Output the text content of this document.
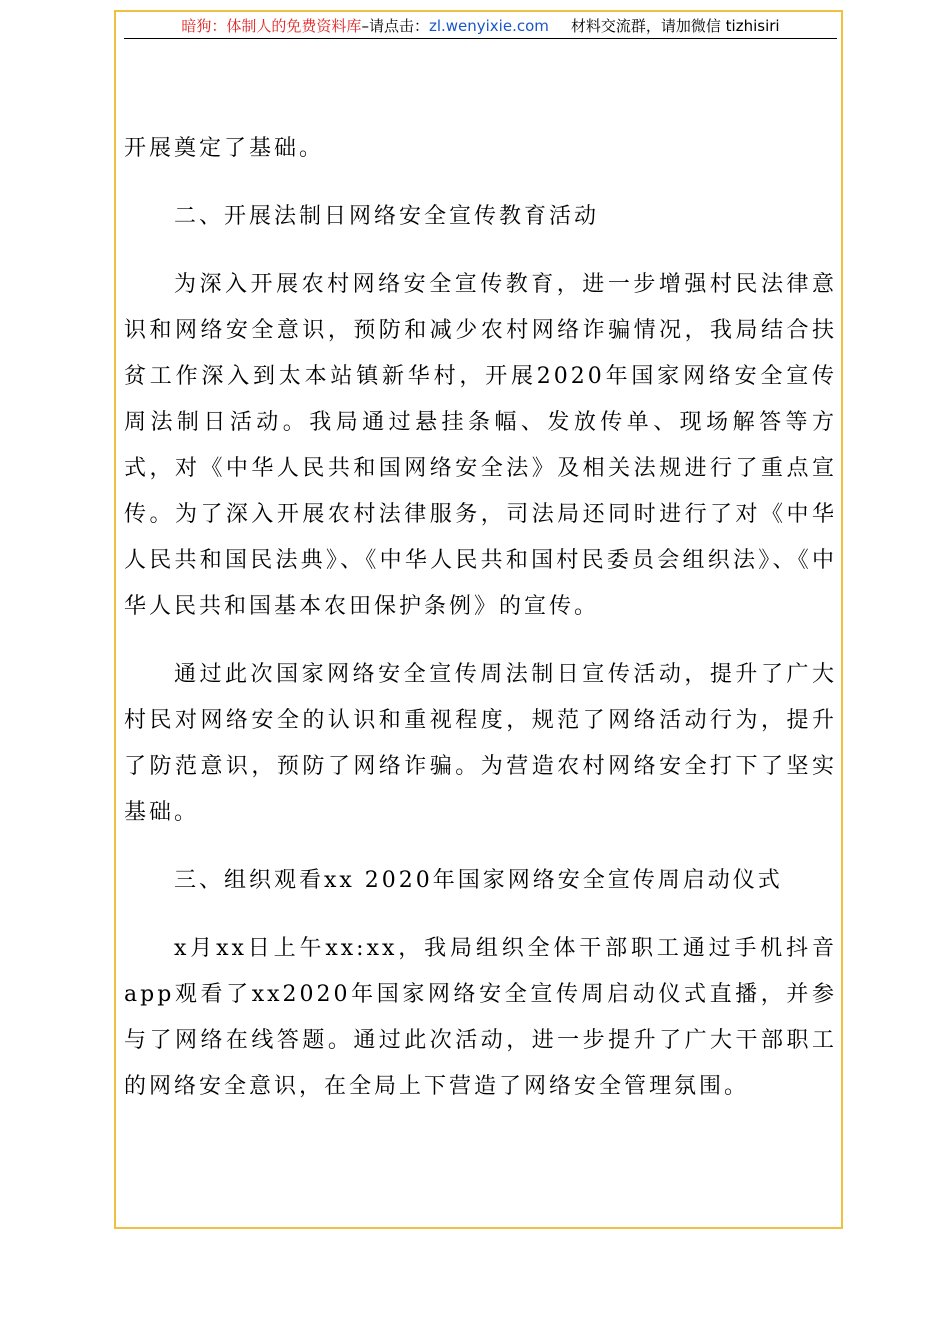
暗狗：体制人的免费资料库–请点击：zl.wenyixie.com 材料交流群，请加微信 tizhisiri

开展奠定了基础。

二、开展法制日网络安全宣传教育活动

为深入开展农村网络安全宣传教育，进一步增强村民法律意识和网络安全意识，预防和减少农村网络诈骗情况，我局结合扶贫工作深入到太本站镇新华村，开展2020年国家网络安全宣传周法制日活动。我局通过悬挂条幅、发放传单、现场解答等方式，对《中华人民共和国网络安全法》及相关法规进行了重点宣传。为了深入开展农村法律服务，司法局还同时进行了对《中华人民共和国民法典》、《中华人民共和国村民委员会组织法》、《中华人民共和国基本农田保护条例》的宣传。

通过此次国家网络安全宣传周法制日宣传活动，提升了广大村民对网络安全的认识和重视程度，规范了网络活动行为，提升了防范意识，预防了网络诈骗。为营造农村网络安全打下了坚实基础。

三、组织观看xx 2020年国家网络安全宣传周启动仪式

x月xx日上午xx:xx，我局组织全体干部职工通过手机抖音app观看了xx2020年国家网络安全宣传周启动仪式直播，并参与了网络在线答题。通过此次活动，进一步提升了广大干部职工的网络安全意识，在全局上下营造了网络安全管理氛围。
